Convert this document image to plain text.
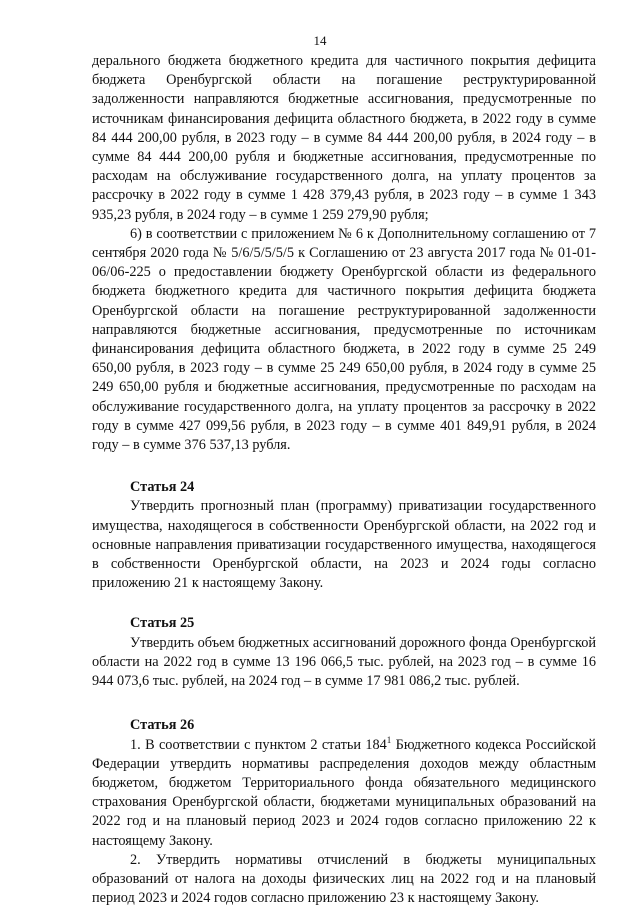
14

дерального бюджета бюджетного кредита для частичного покрытия дефицита бюджета Оренбургской области на погашение реструктурированной задолженности направляются бюджетные ассигнования, предусмотренные по источникам финансирования дефицита областного бюджета, в 2022 году в сумме 84 444 200,00 рубля, в 2023 году – в сумме 84 444 200,00 рубля, в 2024 году – в сумме 84 444 200,00 рубля и бюджетные ассигнования, предусмотренные по расходам на обслуживание государственного долга, на уплату процентов за рассрочку в 2022 году в сумме 1 428 379,43 рубля, в 2023 году – в сумме 1 343 935,23 рубля, в 2024 году – в сумме 1 259 279,90 рубля;

6) в соответствии с приложением № 6 к Дополнительному соглашению от 7 сентября 2020 года № 5/6/5/5/5/5 к Соглашению от 23 августа 2017 года № 01-01-06/06-225 о предоставлении бюджету Оренбургской области из федерального бюджета бюджетного кредита для частичного покрытия дефицита бюджета Оренбургской области на погашение реструктурированной задолженности направляются бюджетные ассигнования, предусмотренные по источникам финансирования дефицита областного бюджета, в 2022 году в сумме 25 249 650,00 рубля, в 2023 году – в сумме 25 249 650,00 рубля, в 2024 году в сумме 25 249 650,00 рубля и бюджетные ассигнования, предусмотренные по расходам на обслуживание государственного долга, на уплату процентов за рассрочку в 2022 году в сумме 427 099,56 рубля, в 2023 году – в сумме 401 849,91 рубля, в 2024 году – в сумме 376 537,13 рубля.

Статья 24

Утвердить прогнозный план (программу) приватизации государственного имущества, находящегося в собственности Оренбургской области, на 2022 год и основные направления приватизации государственного имущества, находящегося в собственности Оренбургской области, на 2023 и 2024 годы согласно приложению 21 к настоящему Закону.

Статья 25

Утвердить объем бюджетных ассигнований дорожного фонда Оренбургской области на 2022 год в сумме 13 196 066,5 тыс. рублей, на 2023 год – в сумме 16 944 073,6 тыс. рублей, на 2024 год – в сумме 17 981 086,2 тыс. рублей.

Статья 26

1. В соответствии с пунктом 2 статьи $184^1$ Бюджетного кодекса Российской Федерации утвердить нормативы распределения доходов между областным бюджетом, бюджетом Территориального фонда обязательного медицинского страхования Оренбургской области, бюджетами муниципальных образований на 2022 год и на плановый период 2023 и 2024 годов согласно приложению 22 к настоящему Закону.

2. Утвердить нормативы отчислений в бюджеты муниципальных образований от налога на доходы физических лиц на 2022 год и на плановый период 2023 и 2024 годов согласно приложению 23 к настоящему Закону.
